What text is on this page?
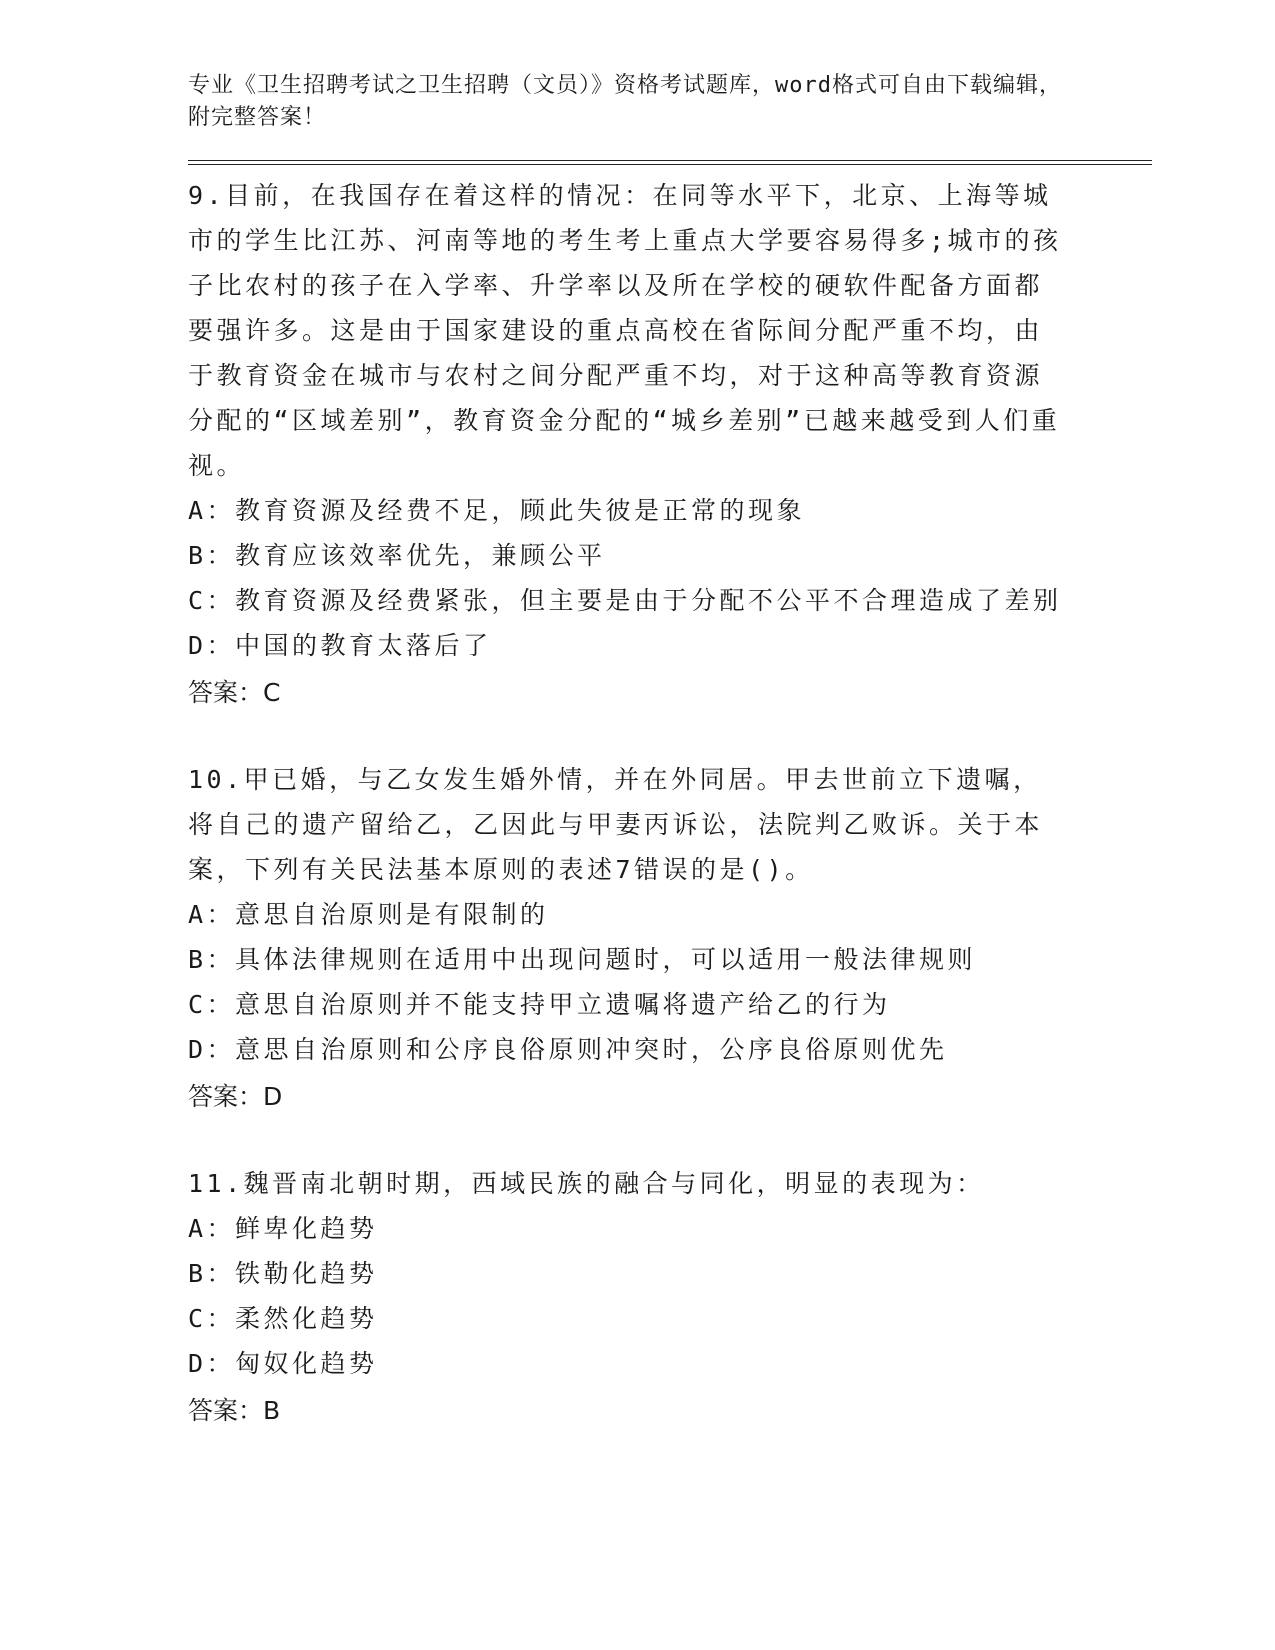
专业《卫生招聘考试之卫生招聘（文员）》资格考试题库，word格式可自由下载编辑，附完整答案！

9.目前，在我国存在着这样的情况：在同等水平下，北京、上海等城市的学生比江苏、河南等地的考生考上重点大学要容易得多;城市的孩子比农村的孩子在入学率、升学率以及所在学校的硬软件配备方面都要强许多。这是由于国家建设的重点高校在省际间分配严重不均，由于教育资金在城市与农村之间分配严重不均，对于这种高等教育资源分配的“区域差别”，教育资金分配的“城乡差别”已越来越受到人们重视。

A：教育资源及经费不足，顾此失彼是正常的现象

B：教育应该效率优先，兼顾公平

C：教育资源及经费紧张，但主要是由于分配不公平不合理造成了差别

D：中国的教育太落后了

答案：C

10.甲已婚，与乙女发生婚外情，并在外同居。甲去世前立下遗嘱，将自己的遗产留给乙，乙因此与甲妻丙诉讼，法院判乙败诉。关于本案，下列有关民法基本原则的表述7错误的是()。

A：意思自治原则是有限制的

B：具体法律规则在适用中出现问题时，可以适用一般法律规则

C：意思自治原则并不能支持甲立遗嘱将遗产给乙的行为

D：意思自治原则和公序良俗原则冲突时，公序良俗原则优先

答案：D

11.魏晋南北朝时期，西域民族的融合与同化，明显的表现为：

A：鲜卑化趋势

B：铁勒化趋势

C：柔然化趋势

D：匈奴化趋势

答案：B
